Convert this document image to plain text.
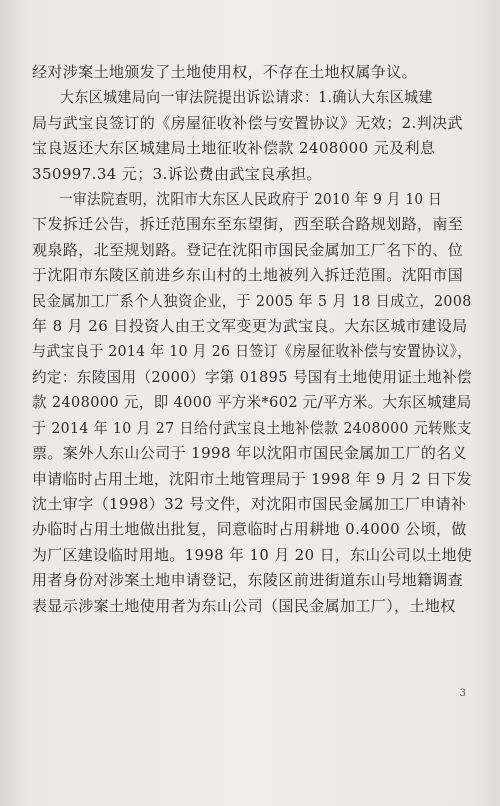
经对涉案土地颁发了土地使用权，不存在土地权属争议。
大东区城建局向一审法院提出诉讼请求：1.确认大东区城建
局与武宝良签订的《房屋征收补偿与安置协议》无效；2.判决武
宝良返还大东区城建局土地征收补偿款 2408000 元及利息
350997.34 元；3.诉讼费由武宝良承担。
一审法院查明，沈阳市大东区人民政府于 2010 年 9 月 10 日
下发拆迁公告，拆迁范围东至东望街，西至联合路规划路，南至
观泉路，北至规划路。登记在沈阳市国民金属加工厂名下的、位
于沈阳市东陵区前进乡东山村的土地被列入拆迁范围。沈阳市国
民金属加工厂系个人独资企业，于 2005 年 5 月 18 日成立，2008
年 8 月 26 日投资人由王文军变更为武宝良。大东区城市建设局
与武宝良于 2014 年 10 月 26 日签订《房屋征收补偿与安置协议》，
约定：东陵国用（2000）字第 01895 号国有土地使用证土地补偿
款 2408000 元，即 4000 平方米*602 元/平方米。大东区城建局
于 2014 年 10 月 27 日给付武宝良土地补偿款 2408000 元转账支
票。案外人东山公司于 1998 年以沈阳市国民金属加工厂的名义
申请临时占用土地，沈阳市土地管理局于 1998 年 9 月 2 日下发
沈土审字（1998）32 号文件，对沈阳市国民金属加工厂申请补
办临时占用土地做出批复，同意临时占用耕地 0.4000 公顷，做
为厂区建设临时用地。1998 年 10 月 20 日，东山公司以土地使
用者身份对涉案土地申请登记，东陵区前进街道东山号地籍调查
表显示涉案土地使用者为东山公司（国民金属加工厂），土地权
3
